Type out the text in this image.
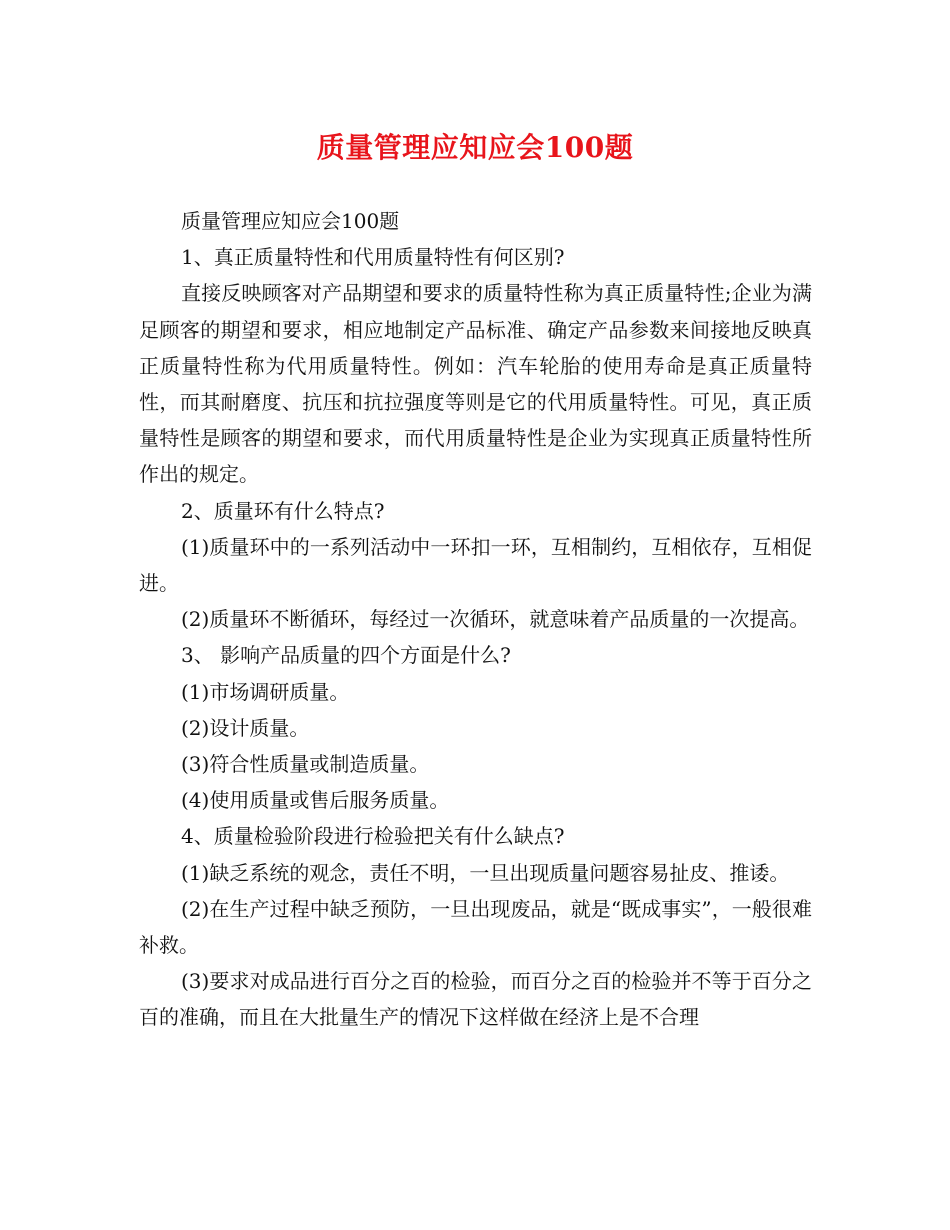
质量管理应知应会100题

质量管理应知应会100题

1、真正质量特性和代用质量特性有何区别?

直接反映顾客对产品期望和要求的质量特性称为真正质量特性;企业为满足顾客的期望和要求，相应地制定产品标准、确定产品参数来间接地反映真正质量特性称为代用质量特性。例如：汽车轮胎的使用寿命是真正质量特性，而其耐磨度、抗压和抗拉强度等则是它的代用质量特性。可见，真正质量特性是顾客的期望和要求，而代用质量特性是企业为实现真正质量特性所作出的规定。

2、质量环有什么特点?

(1)质量环中的一系列活动中一环扣一环，互相制约，互相依存，互相促进。

(2)质量环不断循环，每经过一次循环，就意味着产品质量的一次提高。

3、 影响产品质量的四个方面是什么?

(1)市场调研质量。

(2)设计质量。

(3)符合性质量或制造质量。

(4)使用质量或售后服务质量。

4、质量检验阶段进行检验把关有什么缺点?

(1)缺乏系统的观念，责任不明，一旦出现质量问题容易扯皮、推诿。

(2)在生产过程中缺乏预防，一旦出现废品，就是“既成事实”，一般很难补救。

(3)要求对成品进行百分之百的检验，而百分之百的检验并不等于百分之百的准确，而且在大批量生产的情况下这样做在经济上是不合理
